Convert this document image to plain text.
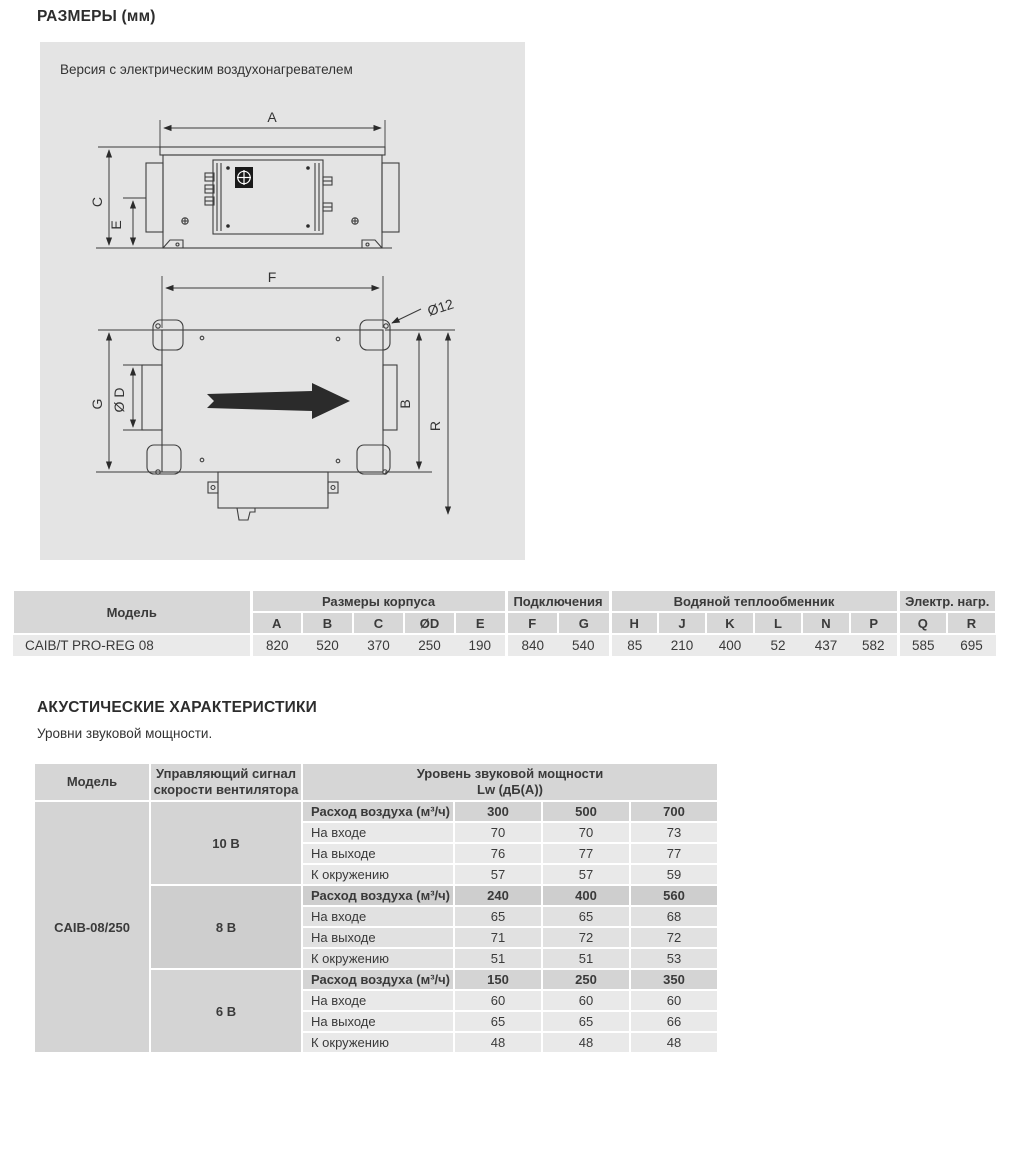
РАЗМЕРЫ (мм)
Версия с электрическим воздухонагревателем
A
C
E
F
Ø12
G Ø D	B
R
Модель	Размеры корпуса					Подключения		Водяной теплообменник						Электр. нагр.	
	A	B	C	ØD	E	F	G	H	J	K	L	N	P	Q	R
CAIB/T PRO-REG 08	820	520	370	250	190	840	540	85	210	400	52	437	582	585	695
АКУСТИЧЕСКИЕ ХАРАКТЕРИСТИКИ

Уровни звуковой мощности.

Модель	Управляющий сигнал скорости вентилятора	Уровень звуковой мощности
Lw (дБ(А))			

CAIB-08/250	10 В	Расход воздуха (м³/ч)	300	500	700
		На входе	70	70	73
		На выходе	76	77	77
		К окружению	57	57	59
	8 В	Расход воздуха (м³/ч)	240	400	560
		На входе	65	65	68
		На выходе	71	72	72
		К окружению	51	51	53
	6 В	Расход воздуха (м³/ч)	150	250	350
		На входе	60	60	60
		На выходе	65	65	66
		К окружению	48	48	48
